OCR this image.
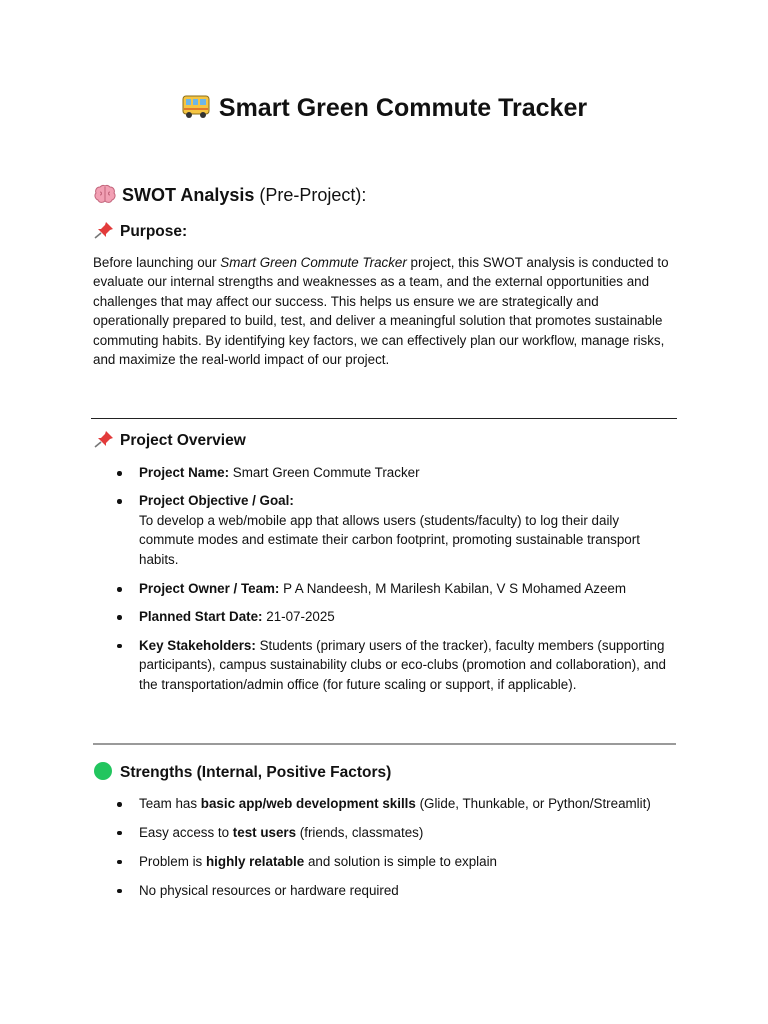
Smart Green Commute Tracker
SWOT Analysis (Pre-Project):
Purpose:

Before launching our Smart Green Commute Tracker project, this SWOT analysis is conducted to evaluate our internal strengths and weaknesses as a team, and the external opportunities and challenges that may affect our success. This helps us ensure we are strategically and operationally prepared to build, test, and deliver a meaningful solution that promotes sustainable commuting habits. By identifying key factors, we can effectively plan our workflow, manage risks, and maximize the real-world impact of our project.

Project Overview
Project Name: Smart Green Commute Tracker
Project Objective / Goal:
To develop a web/mobile app that allows users (students/faculty) to log their daily commute modes and estimate their carbon footprint, promoting sustainable transport habits.
Project Owner / Team: P A Nandeesh, M Marilesh Kabilan, V S Mohamed Azeem
Planned Start Date: 21-07-2025
Key Stakeholders: Students (primary users of the tracker), faculty members (supporting participants), campus sustainability clubs or eco-clubs (promotion and collaboration), and the transportation/admin office (for future scaling or support, if applicable).
Strengths (Internal, Positive Factors)
Team has basic app/web development skills (Glide, Thunkable, or Python/Streamlit)
Easy access to test users (friends, classmates)
Problem is highly relatable and solution is simple to explain
No physical resources or hardware required
